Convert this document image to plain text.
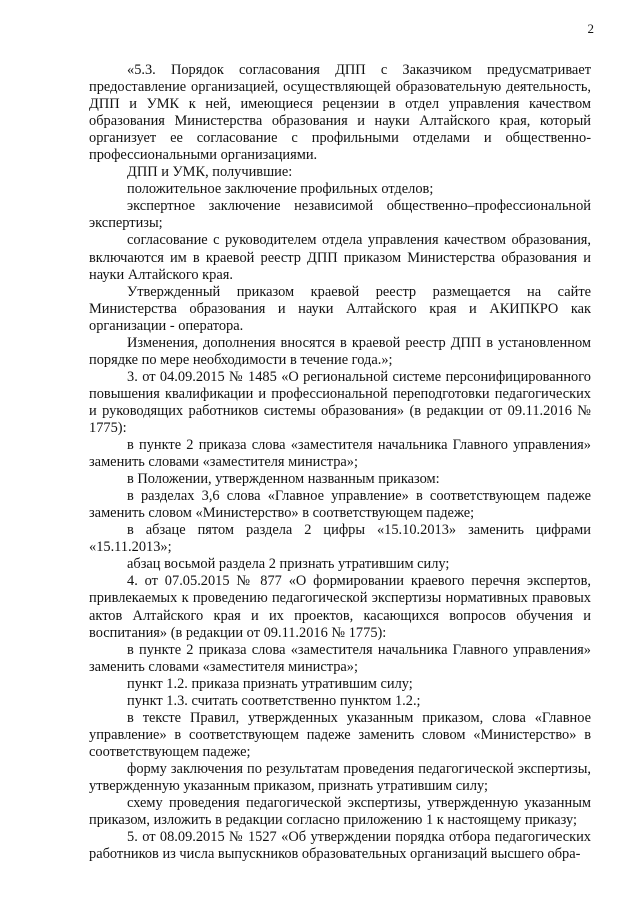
2

«5.3. Порядок согласования ДПП с Заказчиком предусматривает предоставление организацией, осуществляющей образовательную деятельность, ДПП и УМК к ней, имеющиеся рецензии в отдел управления качеством образования Министерства образования и науки Алтайского края, который организует ее согласование с профильными отделами и общественно-профессиональными организациями.

ДПП и УМК, получившие:

положительное заключение профильных отделов;

экспертное заключение независимой общественно–профессиональной экспертизы;

согласование с руководителем отдела управления качеством образования, включаются им в краевой реестр ДПП приказом Министерства образования и науки Алтайского края.

Утвержденный приказом краевой реестр размещается на сайте Министерства образования и науки Алтайского края и АКИПКРО как организации - оператора.

Изменения, дополнения вносятся в краевой реестр ДПП в установленном порядке по мере необходимости в течение года.»;

3. от 04.09.2015 № 1485 «О региональной системе персонифицированного повышения квалификации и профессиональной переподготовки педагогических и руководящих работников системы образования» (в редакции от 09.11.2016 № 1775):

в пункте 2 приказа слова «заместителя начальника Главного управления» заменить словами «заместителя министра»;

в Положении, утвержденном названным приказом:

в разделах 3,6 слова «Главное управление» в соответствующем падеже заменить словом «Министерство» в соответствующем падеже;

в абзаце пятом раздела 2 цифры «15.10.2013» заменить цифрами «15.11.2013»;

абзац восьмой раздела 2 признать утратившим силу;

4. от 07.05.2015 № 877 «О формировании краевого перечня экспертов, привлекаемых к проведению педагогической экспертизы нормативных правовых актов Алтайского края и их проектов, касающихся вопросов обучения и воспитания» (в редакции от 09.11.2016 № 1775):

в пункте 2 приказа слова «заместителя начальника Главного управления» заменить словами «заместителя министра»;

пункт 1.2. приказа признать утратившим силу;

пункт 1.3. считать соответственно пунктом 1.2.;

в тексте Правил, утвержденных указанным приказом, слова «Главное управление» в соответствующем падеже заменить словом «Министерство» в соответствующем падеже;

форму заключения по результатам проведения педагогической экспертизы, утвержденную указанным приказом, признать утратившим силу;

схему проведения педагогической экспертизы, утвержденную указанным приказом, изложить в редакции согласно приложению 1 к настоящему приказу;

5. от 08.09.2015 № 1527 «Об утверждении порядка отбора педагогических работников из числа выпускников образовательных организаций высшего обра-
